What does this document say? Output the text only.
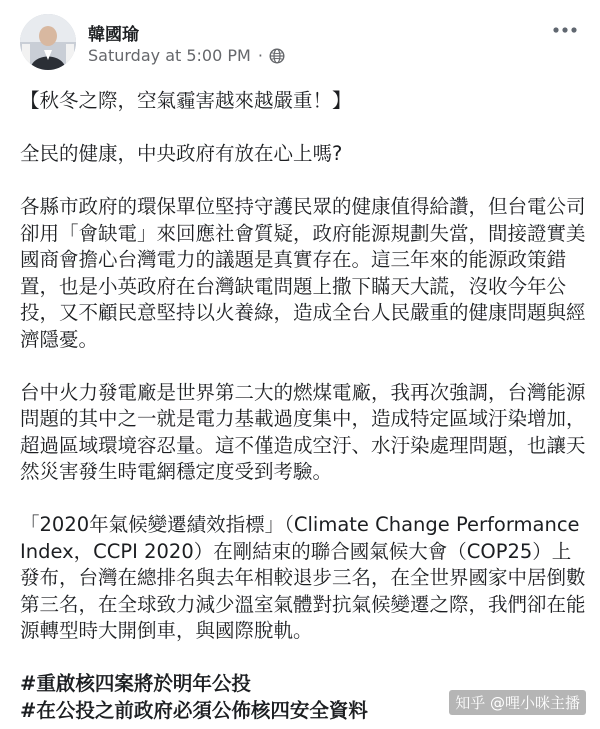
韓國瑜
Saturday at 5:00 PM ·

【秋冬之際，空氣霾害越來越嚴重！】

全民的健康，中央政府有放在心上嗎?

各縣市政府的環保單位堅持守護民眾的健康值得給讚，但台電公司卻用「會缺電」來回應社會質疑，政府能源規劃失當，間接證實美國商會擔心台灣電力的議題是真實存在。這三年來的能源政策錯置，也是小英政府在台灣缺電問題上撒下瞞天大謊，沒收今年公投，又不顧民意堅持以火養綠，造成全台人民嚴重的健康問題與經濟隱憂。

台中火力發電廠是世界第二大的燃煤電廠，我再次強調，台灣能源問題的其中之一就是電力基載過度集中，造成特定區域汙染增加，超過區域環境容忍量。這不僅造成空汙、水汙染處理問題，也讓天然災害發生時電網穩定度受到考驗。

「2020年氣候變遷績效指標」（Climate Change Performance Index，CCPI 2020）在剛結束的聯合國氣候大會（COP25）上發布，台灣在總排名與去年相較退步三名，在全世界國家中居倒數第三名，在全球致力減少溫室氣體對抗氣候變遷之際，我們卻在能源轉型時大開倒車，與國際脫軌。

#重啟核四案將於明年公投

#在公投之前政府必須公佈核四安全資料	知乎 @哩小咪主播
